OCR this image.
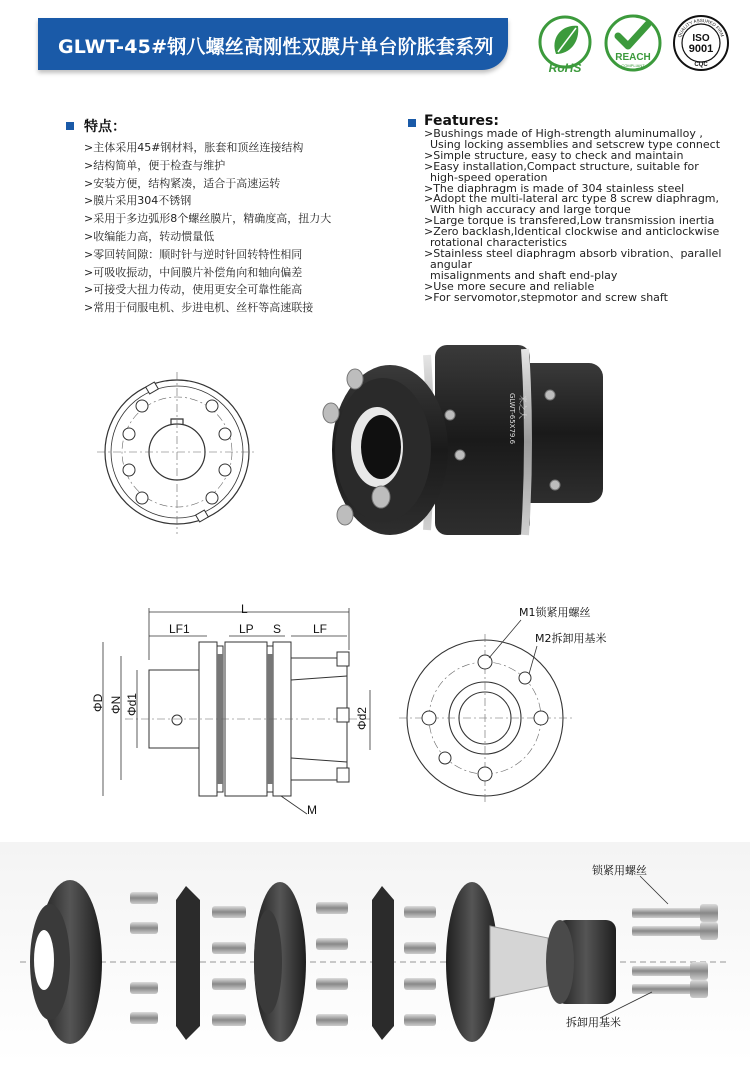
GLWT-45#钢八螺丝高刚性双膜片单台阶胀套系列
RoHS
REACH
COMPLIANT
QUALITY ASSURED FIRM
ISO
9001
CQC
特点：
>主体采用45#钢材料，胀套和顶丝连接结构
>结构简单，便于检查与维护
>安装方便，结构紧凑，适合于高速运转
>膜片采用304不锈钢
>采用于多边弧形8个螺丝膜片，精确度高，扭力大
>收编能力高，转动惯量低
>零回转间隙：顺时针与逆时针回转特性相同
>可吸收振动，中间膜片补偿角向和轴向偏差
>可接受大扭力传动，使用更安全可靠性能高
>常用于伺服电机、步进电机、丝杆等高速联接
Features:
>Bushings made of High-strength aluminumalloy ,
Using locking assemblies and setscrew type connect
>Simple structure, easy to check and maintain
>Easy installation,Compact structure, suitable for
high-speed operation
>The diaphragm is made of 304 stainless steel
>Adopt the multi-lateral arc type 8 screw diaphragm,
With high accuracy and large torque
>Large torque is transfered,Low transmission inertia
>Zero backlash,Identical clockwise and anticlockwise
rotational characteristics
>Stainless steel diaphragm absorb vibration、parallel
angular
misalignments and shaft end-play
>Use more secure and reliable
>For servomotor,stepmotor and screw shaft
米之大
GLWT-65X79.6
L
LF1	LP S	LF
ΦD ΦN Φd1
Φd2
M
M1锁紧用螺丝
M2拆卸用基米
锁紧用螺丝
拆卸用基米
